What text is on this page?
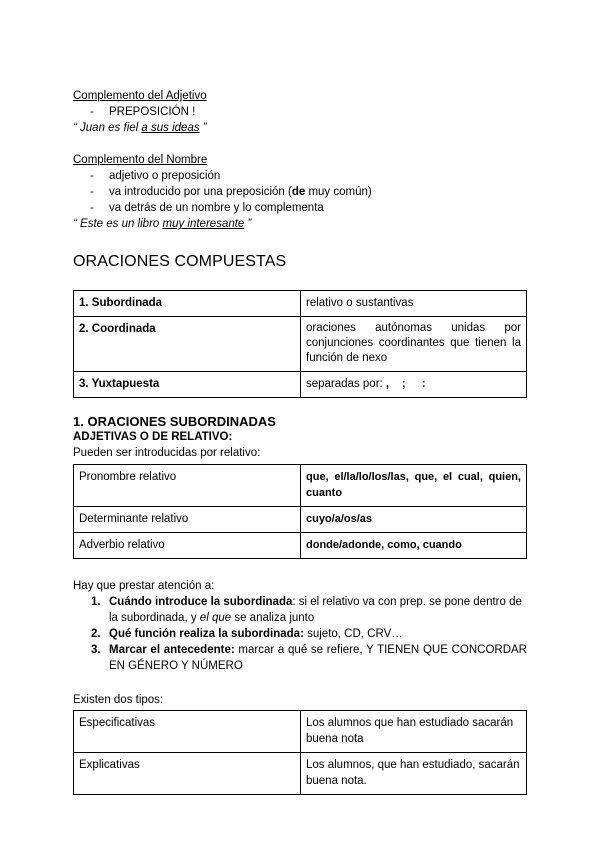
Complemento del Adjetivo
- PREPOSICIÓN !
“ Juan es fiel a sus ideas ”
Complemento del Nombre
- adjetivo o preposición
- va introducido por una preposición (de muy común)
- va detrás de un nombre y lo complementa
“ Este es un libro muy interesante ”
ORACIONES COMPUESTAS
1. Subordinada	relativo o sustantivas
2. Coordinada	oraciones autónomas unidas por conjunciones coordinantes que tienen la función de nexo
3. Yuxtapuesta	separadas por: ,    ;     :
1. ORACIONES SUBORDINADAS
ADJETIVAS O DE RELATIVO:
Pueden ser introducidas por relativo:
Pronombre relativo	que, el/la/lo/los/las, que, el cual, quien, cuanto
Determinante relativo	cuyo/a/os/as
Adverbio relativo	donde/adonde, como, cuando
Hay que prestar atención a:
1. Cuándo introduce la subordinada: si el relativo va con prep. se pone dentro de la subordinada, y el que se analiza junto
2. Qué función realiza la subordinada: sujeto, CD, CRV…
3. Marcar el antecedente: marcar a qué se refiere, Y TIENEN QUE CONCORDAR EN GÉNERO Y NÚMERO
Existen dos tipos:
Especificativas	Los alumnos que han estudiado sacarán buena nota
Explicativas	Los alumnos, que han estudiado, sacarán buena nota.
